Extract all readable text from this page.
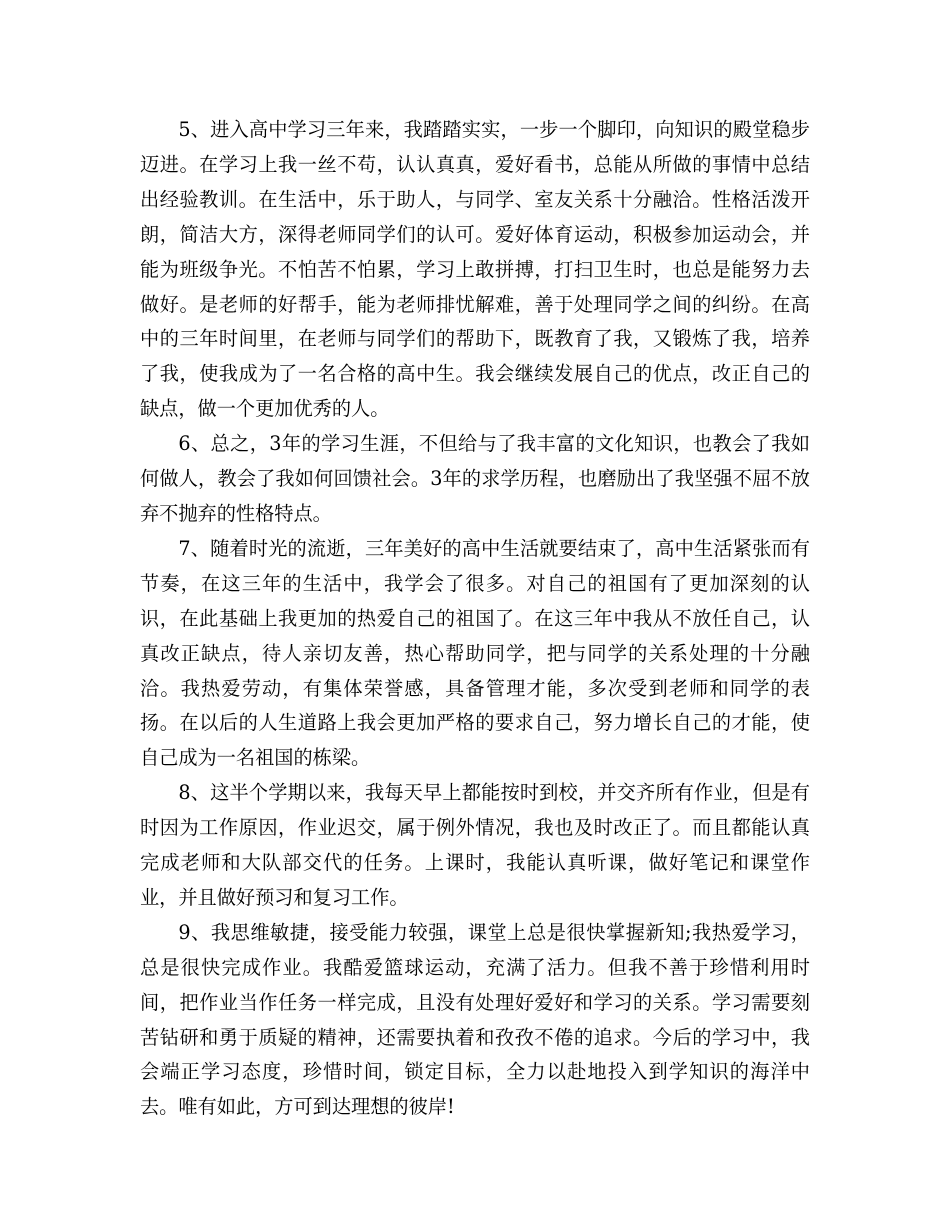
5、进入高中学习三年来，我踏踏实实，一步一个脚印，向知识的殿堂稳步迈进。在学习上我一丝不苟，认认真真，爱好看书，总能从所做的事情中总结出经验教训。在生活中，乐于助人，与同学、室友关系十分融洽。性格活泼开朗，简洁大方，深得老师同学们的认可。爱好体育运动，积极参加运动会，并能为班级争光。不怕苦不怕累，学习上敢拼搏，打扫卫生时，也总是能努力去做好。是老师的好帮手，能为老师排忧解难，善于处理同学之间的纠纷。在高中的三年时间里，在老师与同学们的帮助下，既教育了我，又锻炼了我，培养了我，使我成为了一名合格的高中生。我会继续发展自己的优点，改正自己的缺点，做一个更加优秀的人。

6、总之，3年的学习生涯，不但给与了我丰富的文化知识，也教会了我如何做人，教会了我如何回馈社会。3年的求学历程，也磨励出了我坚强不屈不放弃不抛弃的性格特点。

7、随着时光的流逝，三年美好的高中生活就要结束了，高中生活紧张而有节奏，在这三年的生活中，我学会了很多。对自己的祖国有了更加深刻的认识，在此基础上我更加的热爱自己的祖国了。在这三年中我从不放任自己，认真改正缺点，待人亲切友善，热心帮助同学，把与同学的关系处理的十分融洽。我热爱劳动，有集体荣誉感，具备管理才能，多次受到老师和同学的表扬。在以后的人生道路上我会更加严格的要求自己，努力增长自己的才能，使自己成为一名祖国的栋梁。

8、这半个学期以来，我每天早上都能按时到校，并交齐所有作业，但是有时因为工作原因，作业迟交，属于例外情况，我也及时改正了。而且都能认真完成老师和大队部交代的任务。上课时，我能认真听课，做好笔记和课堂作业，并且做好预习和复习工作。

9、我思维敏捷，接受能力较强，课堂上总是很快掌握新知;我热爱学习，总是很快完成作业。我酷爱篮球运动，充满了活力。但我不善于珍惜利用时间，把作业当作任务一样完成，且没有处理好爱好和学习的关系。学习需要刻苦钻研和勇于质疑的精神，还需要执着和孜孜不倦的追求。今后的学习中，我会端正学习态度，珍惜时间，锁定目标，全力以赴地投入到学知识的海洋中去。唯有如此，方可到达理想的彼岸!
